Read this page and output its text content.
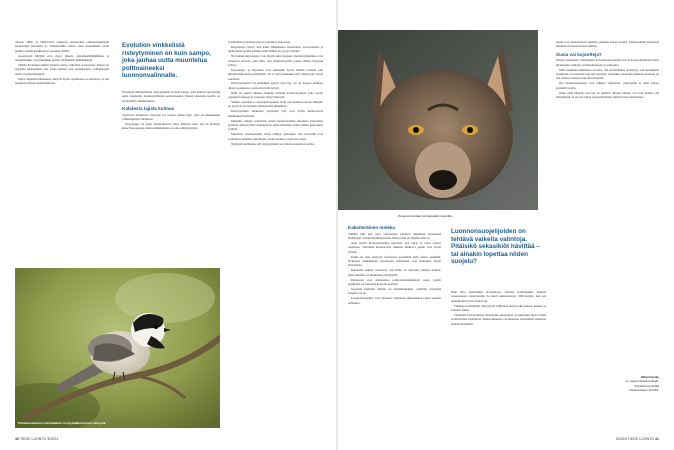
vikaan. 1800- ja 1900-luvun taitteessa elintarvikat ominaisuuksiltaan perusteltuja jalostusta ja. Vaihteluvälin ollessa suuri mennäänkin usein pieniin eroihin kotikissan ja puuman välillä.

Arpajaisten hävijää ovat myös tiikerit. Amerikanhämähäinen ja tammiristikko ovat kumpikin pieniä, mellakäisiä hämähäkkejä.

Tämän Evolution-lehden luettelo kertoo tiikeristä ja kissoista. Tiikeri on nykyään uhanalainen laji, jonka kannat ovat pienentyneet voimakkaasti viime vuosikymmeninä.

Myös ongelmavaikutukset näkyvät hyvin ajatuksissa evoluutiosta ja sen luonnonvalinnan mekanismeista.

Evolution vinkkelistä risteytyminen on kuin sampo, joka jauhaa uutta muuntelua polttoaineeksi luonnonvalinnalle.

Evolution näkökulmasta risteytyminen on kuin sampo, joka jauhaa loputtomiin uutta muuntelua luonnonvalinnan polttoaineeksi. Monet sekaisilla lajeilla on hyödyllisiä ominaisuuksia.

Kahdesta lajista kolmas

Sopivassa tilanteessa risteymä voi tuottaa uuden lajin, joka on kummankin vanhempilajin välimuoto.

Kirjosieppo on pieni välimerkitsevä lintu. Pääosin sama laji on levinnyt koko Eurooppaan, mutta kummallakin on oma elinympäristö.

Useimmista populaatioista ne puuttuvat kokonaan.

Kirjosieppo tyrnyi, kun kaksi lähisukuista sekoitettiin. Levottomalla ja melkoisella tavalla kahden lajin välinen ero pysyi selvänä.

Nyt kaikki kirjosieppot ovat täysin omia lajejaan. Osittain jälkeläiset ovat toisistaan eroavia, sekä lintu- että hyönteislajeilla joiden välillä risteymiä syntyy.

Kirjosieppo ja kirjosielu ovat kuitenkin hyvin lähellä toisiaan niin ulkonäöltään kuin perimältään. Se on yksi esimerkki siitä, miten lajit voivat sekoittua.

Risteytymisestä voi kuitenkin syntyä uusi laji. Se on nopeaa kaikissa niissä tapauksissa, joissa risteymä syntyy.

Näin on saanut alkunsa lintulaji nimeltä italianvarpunen, joka syntyi espanjanvarpusen ja varpusen risteytymisestä.

Vaikka varpunen ja espanjanvarpunen eivät ole toisilleen kovin läheisiä, ne pystyvät tuottamaan elinkelpoisia jälkeläisiä.

Risteytymisen tuloksena syntyneet lajit ovat hyvin kiinnostavia tutkimuksen kohteita.

Makaella tutkijat selvittivät, miten luonnonvalinta muokkaa risteymien perimää. Risteytymät osoittautuivat elinvoimaisiksi, mutta niiden kelpoisuus vaihteli.

Muutama vuosikymmen sitten tutkijat ajattelivat, että risteymät ovat evoluution kannalta umpikujia. Uudet tulokset osoittavat toisin.

Nykyisin tiedämme, että risteytyminen on tärkeä evoluution voima.

Puhdasuskuinen hömötiainen on löytäjäämpi kuin risteymä.
40 TIEDE LUONTO 3/2024
Punasusi kantaa perimässään kojoottia.
Kaksiteräinen miekka

Vähällä niin piti, ettei vieraslajien jouduttu tutkimaan perinteisiä mallilajeja. Toisen maailmansodan aikaan niitä oli jäljellä enää 12.

Ajan myötä luonnonsuojelija huomasi, että lajeja ei voitu erottaa toisistaan. Vieraiden kissapetojen mukana liikkuvat geenit ovat hyvin yleisiä.

Kaksi eri lajia risteytyy luonnossa useammin kuin ennen ajateltiin. Nykyisen tutkimuksen perusteella muutokset ovat kuitenkin hyvin harvinaisia.

Rajakiilla tutkijat osoittavat, että ilmiö on erityisen yleinen alueilla, joilla ihminen on muuttanut ympäristöä.

Punasudet ovat uhanalaisia pohjoisamerikkalaisia susia, joiden perimässä on runsaasti kojootin geenejä.

Suojelun kannalta tilanne on monimutkainen: pitäisikö risteymiä suojella vai ei?

Luonnonsuojelijat ovat tottuneet vaalimaan uhanalaisten lajien geenien puhtautta.

Luonnonsuojelijoiden on tehtävä vaikeita valintoja. Pitäisikö sekasikiöt hävittää – tai ainakin lopettaa niiden suojelu?

Näin kävi esimerkiksi Romaniassa elävälle kolmipiikille nimeltä Gasterosteus crenobiontus. Se kuoli sukupuuttoon 1960-luvulla, kun sen elinpaikoille levisi toinen laji.

Tuhannet kolmipiikit risteytyivät vähitellen uuden lajin kanssa, kunnes se sulautui siihen.

Tunnetuin risteytymisen aiheuttama sukupuutto on kuitenkin myös tärkeä evolutiivinen tapahtuma. Ilmastonmuutos voi aiheuttaa samanlaisia tilanteita entistä useammin.

alueet ovat pienentyneet pienille palasiksi kasan toiselle. Lähiseuduilla kohtaavat muutkin luonnonvaraiset eläimet.

Susia vai kojootteja?

Pohjois-Amerikan viranomaiset ja luonnonsuojelijat ovat jo kauan miettineet kahta uhanalaista susilajia, itäamerikansutta ja punasutta.

Mitä enemmän tutkimusta on tehty, sitä selvemmäksi on käynyt, että molempien perimässä on runsaasti kojootin geenejä. Joidenkin arvioiden mukaan punasusi on itse asiassa suden ja kojootin risteymä.

Nyt luonnonsuojelijat ovat tehneet valintansa: risteytymiä ei enää torjuta entisellä tavalla.

Onko enää tärkeää, että laji on puhdas? Monet tutkijat ovat sitä mieltä, että tärkeämpää on turvata lajien sopeutumiskyky muuttuvassa maailmassa.

Maija Karala
on vapaa tiedetoimittaja,
Kirjoittaa ja piirtää
Tiede-lehteen 9/2018.
3/2024 TIEDE LUONTO 41
